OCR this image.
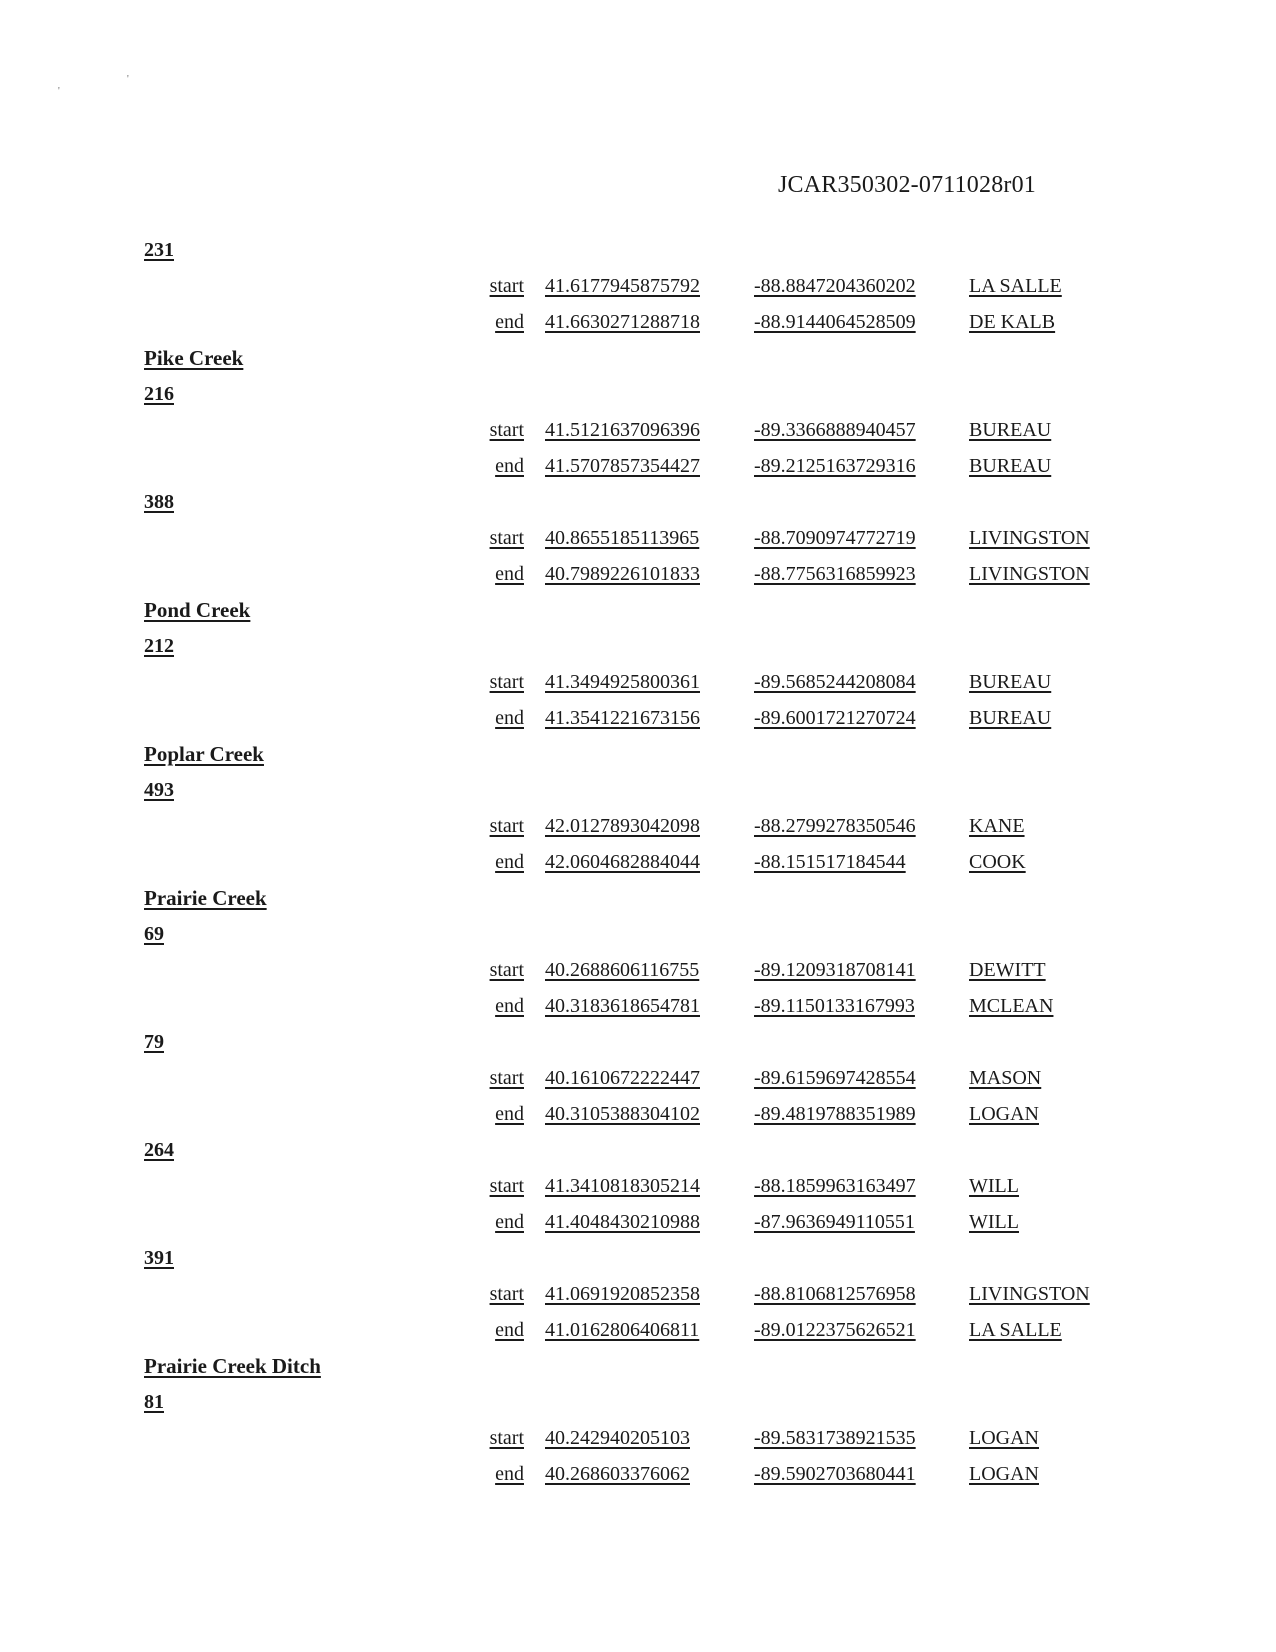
'
'
JCAR350302-0711028r01
231
start 41.6177945875792	-88.8847204360202	LA SALLE
end 41.6630271288718	-88.9144064528509	DE KALB
Pike Creek
216
start 41.5121637096396	-89.3366888940457	BUREAU
end 41.5707857354427	-89.2125163729316	BUREAU
388
start 40.8655185113965	-88.7090974772719	LIVINGSTON
end 40.7989226101833	-88.7756316859923	LIVINGSTON
Pond Creek
212
start 41.3494925800361	-89.5685244208084	BUREAU
end 41.3541221673156	-89.6001721270724	BUREAU
Poplar Creek
493
start 42.0127893042098	-88.2799278350546	KANE
end 42.0604682884044	-88.151517184544	COOK
Prairie Creek
69
start 40.2688606116755	-89.1209318708141	DEWITT
end 40.3183618654781	-89.1150133167993	MCLEAN
79
start 40.1610672222447	-89.6159697428554	MASON
end 40.3105388304102	-89.4819788351989	LOGAN
264
start 41.3410818305214	-88.1859963163497	WILL
end 41.4048430210988	-87.9636949110551	WILL
391
start 41.0691920852358	-88.8106812576958	LIVINGSTON
end 41.0162806406811	-89.0122375626521	LA SALLE
Prairie Creek Ditch
81
start 40.242940205103	-89.5831738921535	LOGAN
end 40.268603376062	-89.5902703680441	LOGAN
